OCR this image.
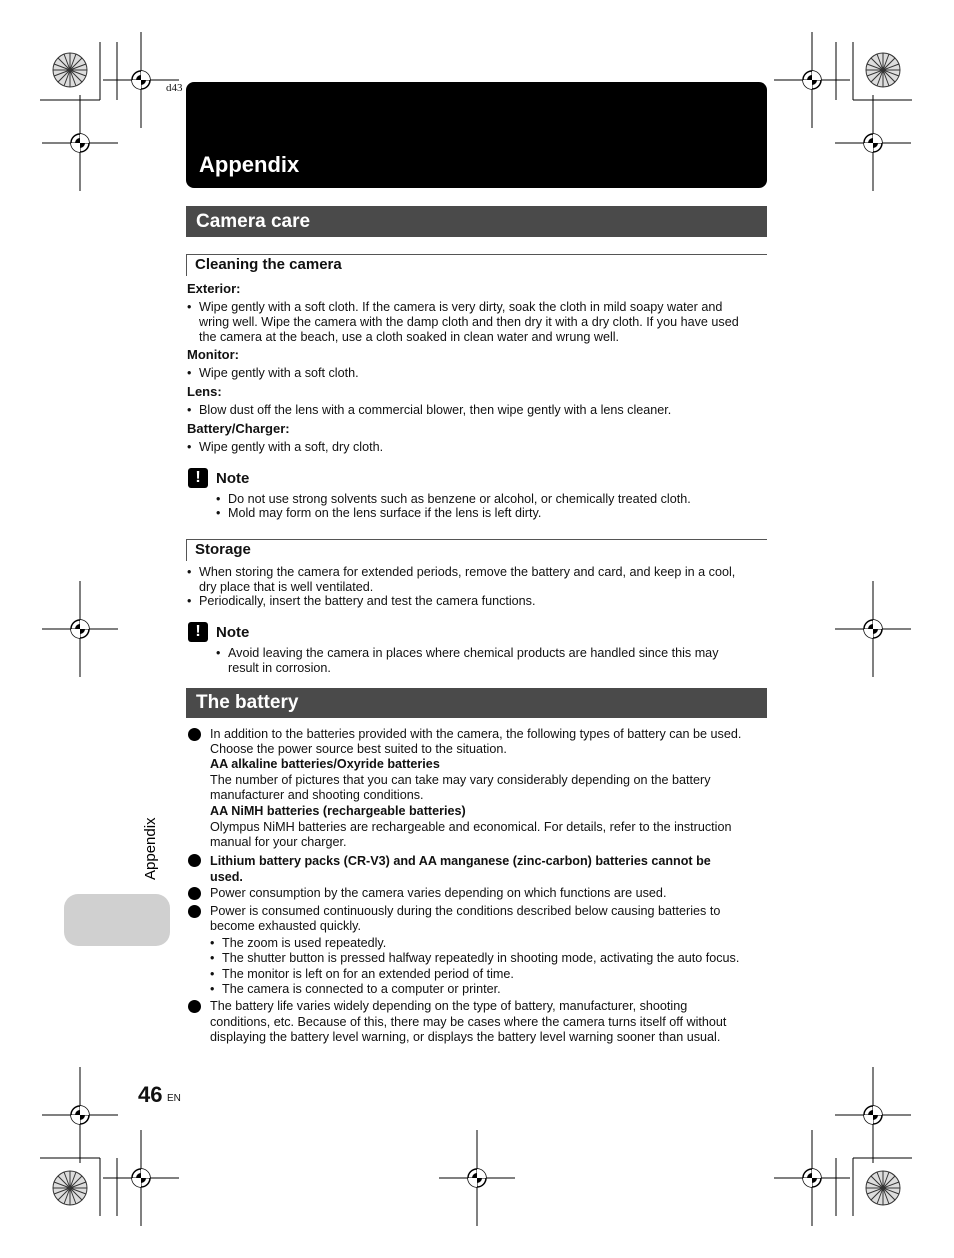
d43
Appendix
Camera care
Cleaning the camera
Exterior:
• Wipe gently with a soft cloth. If the camera is very dirty, soak the cloth in mild soapy water and
wring well. Wipe the camera with the damp cloth and then dry it with a dry cloth. If you have used
the camera at the beach, use a cloth soaked in clean water and wrung well.
Monitor:
• Wipe gently with a soft cloth.
Lens:
• Blow dust off the lens with a commercial blower, then wipe gently with a lens cleaner.
Battery/Charger:
• Wipe gently with a soft, dry cloth.
!	Note
• Do not use strong solvents such as benzene or alcohol, or chemically treated cloth.
• Mold may form on the lens surface if the lens is left dirty.
Storage
• When storing the camera for extended periods, remove the battery and card, and keep in a cool,
dry place that is well ventilated.
• Periodically, insert the battery and test the camera functions.
!	Note
• Avoid leaving the camera in places where chemical products are handled since this may
result in corrosion.
The battery
In addition to the batteries provided with the camera, the following types of battery can be used.
Choose the power source best suited to the situation.
AA alkaline batteries/Oxyride batteries
The number of pictures that you can take may vary considerably depending on the battery
manufacturer and shooting conditions.
AA NiMH batteries (rechargeable batteries)
Olympus NiMH batteries are rechargeable and economical. For details, refer to the instruction
manual for your charger.
Lithium battery packs (CR-V3) and AA manganese (zinc-carbon) batteries cannot be
used.
Power consumption by the camera varies depending on which functions are used.
Power is consumed continuously during the conditions described below causing batteries to
become exhausted quickly.
• The zoom is used repeatedly.
• The shutter button is pressed halfway repeatedly in shooting mode, activating the auto focus.
• The monitor is left on for an extended period of time.
• The camera is connected to a computer or printer.
The battery life varies widely depending on the type of battery, manufacturer, shooting
conditions, etc. Because of this, there may be cases where the camera turns itself off without
displaying the battery level warning, or displays the battery level warning sooner than usual.
Appendix
46 EN
